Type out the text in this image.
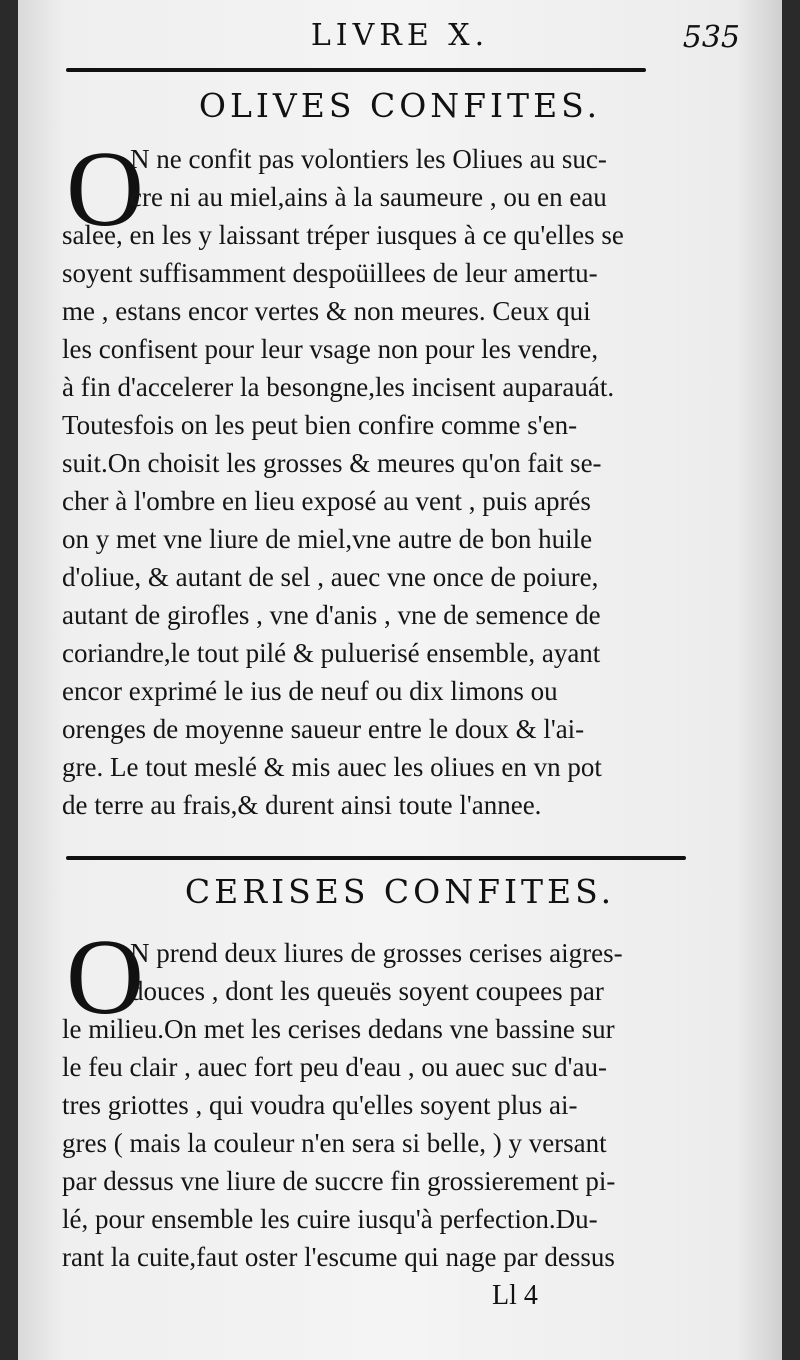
LIVRE X.	535
OLIVES CONFITES.
O
N ne confit pas volontiers les Oliues au suc-
cre ni au miel,ains à la saumeure , ou en eau
salee, en les y laissant tréper iusques à ce qu'elles se
soyent suffisamment despoüillees de leur amertu-
me , estans encor vertes & non meures. Ceux qui
les confisent pour leur vsage non pour les vendre,
à fin d'accelerer la besongne,les incisent auparauát.
Toutesfois on les peut bien confire comme s'en-
suit.On choisit les grosses & meures qu'on fait se-
cher à l'ombre en lieu exposé au vent , puis aprés
on y met vne liure de miel,vne autre de bon huile
d'oliue, & autant de sel , auec vne once de poiure,
autant de girofles , vne d'anis , vne de semence de
coriandre,le tout pilé & puluerisé ensemble, ayant
encor exprimé le ius de neuf ou dix limons ou
orenges de moyenne saueur entre le doux & l'ai-
gre. Le tout meslé & mis auec les oliues en vn pot
de terre au frais,& durent ainsi toute l'annee.
CERISES CONFITES.
O
N prend deux liures de grosses cerises aigres-
douces , dont les queuës soyent coupees par
le milieu.On met les cerises dedans vne bassine sur
le feu clair , auec fort peu d'eau , ou auec suc d'au-
tres griottes , qui voudra qu'elles soyent plus ai-
gres ( mais la couleur n'en sera si belle, ) y versant
par dessus vne liure de succre fin grossierement pi-
lé, pour ensemble les cuire iusqu'à perfection.Du-
rant la cuite,faut oster l'escume qui nage par dessus
Ll 4
